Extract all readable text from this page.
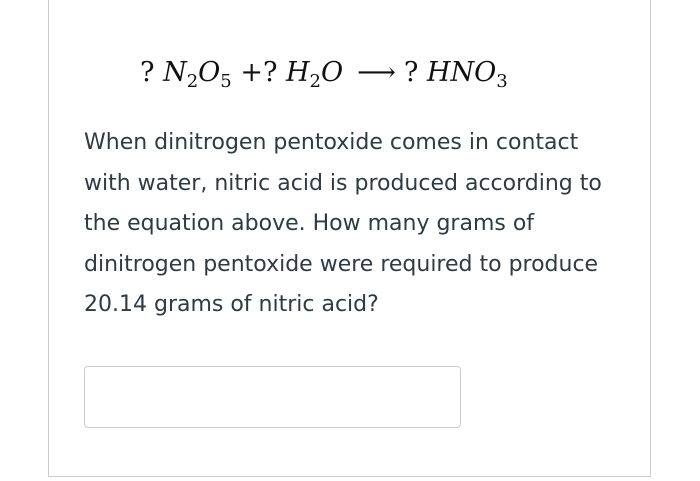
? $N_2O_5$ +? $H_2O$ ⟶ ? $HNO_3$

When dinitrogen pentoxide comes in contact with water, nitric acid is produced according to the equation above. How many grams of dinitrogen pentoxide were required to produce 20.14 grams of nitric acid?
